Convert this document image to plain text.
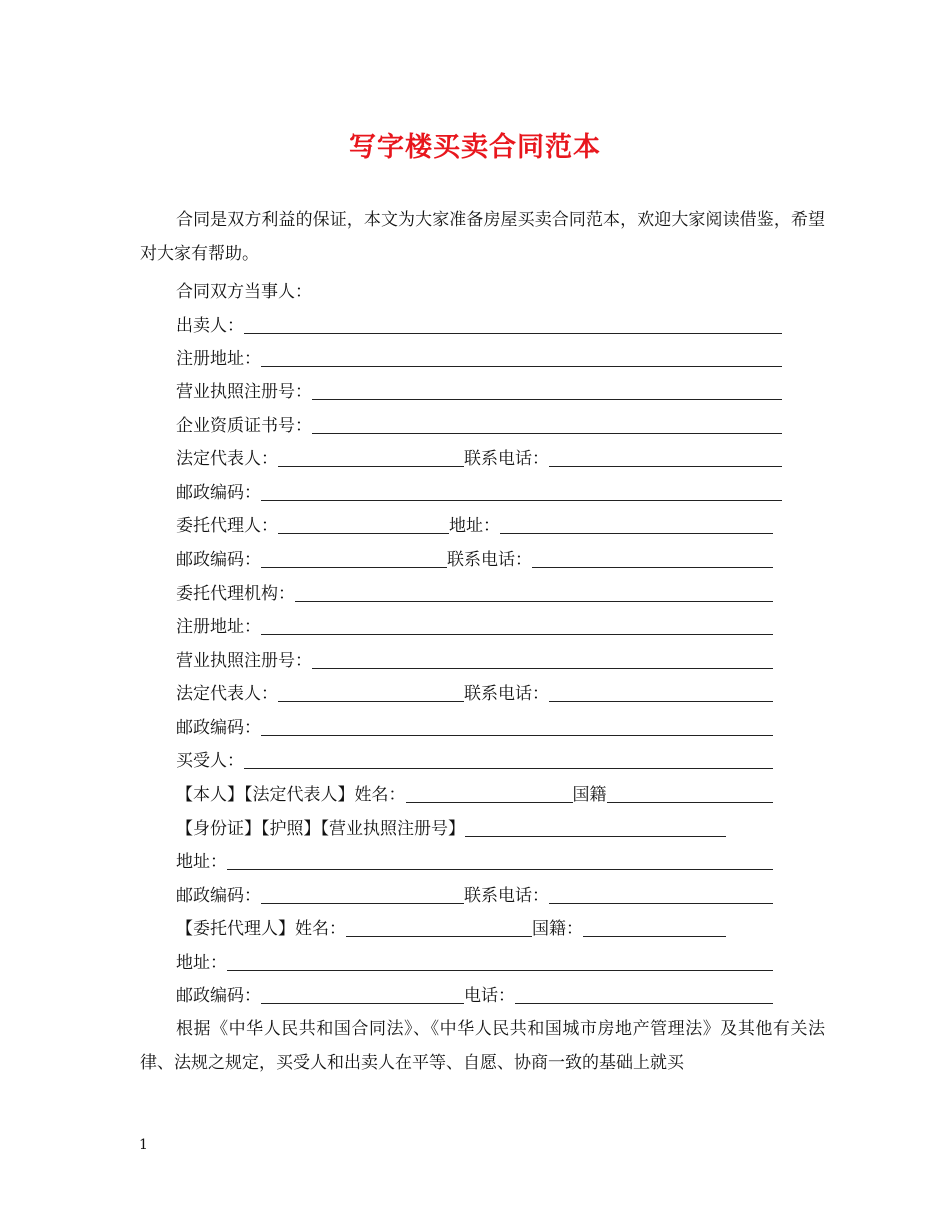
写字楼买卖合同范本

合同是双方利益的保证，本文为大家准备房屋买卖合同范本，欢迎大家阅读借鉴，希望对大家有帮助。

合同双方当事人：
出卖人：
注册地址：
营业执照注册号：
企业资质证书号：
法定代表人：	联系电话：
邮政编码：
委托代理人：	地址：
邮政编码：	联系电话：
委托代理机构：
注册地址：
营业执照注册号：
法定代表人：	联系电话：
邮政编码：
买受人：
【本人】【法定代表人】姓名：	国籍
【身份证】【护照】【营业执照注册号】
地址：
邮政编码：	联系电话：
【委托代理人】姓名：	国籍：
地址：
邮政编码：	电话：

根据《中华人民共和国合同法》、《中华人民共和国城市房地产管理法》及其他有关法律、法规之规定，买受人和出卖人在平等、自愿、协商一致的基础上就买

1
